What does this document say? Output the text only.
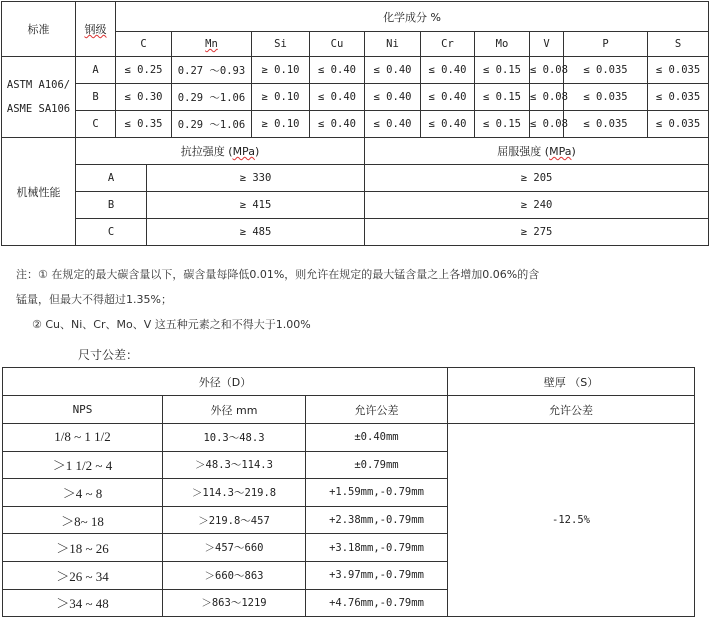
标准	钢级	化学成分 %										
		C		Mn	Si	Cu	Ni	Cr	Mo	V	P	S

ASTM A106/
ASME SA106	A	≤ 0.25		0.27 ～0.93	≥ 0.10	≤ 0.40	≤ 0.40	≤ 0.40	≤ 0.15	≤ 0.08	≤ 0.035	≤ 0.035
	B	≤ 0.30		0.29 ～1.06	≥ 0.10	≤ 0.40	≤ 0.40	≤ 0.40	≤ 0.15	≤ 0.08	≤ 0.035	≤ 0.035
	C	≤ 0.35		0.29 ～1.06	≥ 0.10	≤ 0.40	≤ 0.40	≤ 0.40	≤ 0.15	≤ 0.08	≤ 0.035	≤ 0.035
机械性能	抗拉强度 (MPa)						屈服强度 (MPa)					
	A		≥ 330				≥ 205					
	B		≥ 415				≥ 240					
	C		≥ 485				≥ 275					
注：① 在规定的最大碳含量以下，碳含量每降低0.01%，则允许在规定的最大锰含量之上各增加0.06%的含
锰量，但最大不得超过1.35%；
② Cu、Ni、Cr、Mo、V 这五种元素之和不得大于1.00%
尺寸公差：
外径（D）			壁厚 （S）
NPS	外径 mm	允许公差	允许公差
1/8 ~ 1 1/2	10.3～48.3	±0.40mm	-12.5%
＞1 1/2 ~ 4	＞48.3～114.3	±0.79mm	
＞4 ~ 8	＞114.3～219.8	+1.59mm,-0.79mm	
＞8~ 18	＞219.8～457	+2.38mm,-0.79mm	
＞18 ~ 26	＞457～660	+3.18mm,-0.79mm	
＞26 ~ 34	＞660～863	+3.97mm,-0.79mm	
＞34 ~ 48	＞863～1219	+4.76mm,-0.79mm	
